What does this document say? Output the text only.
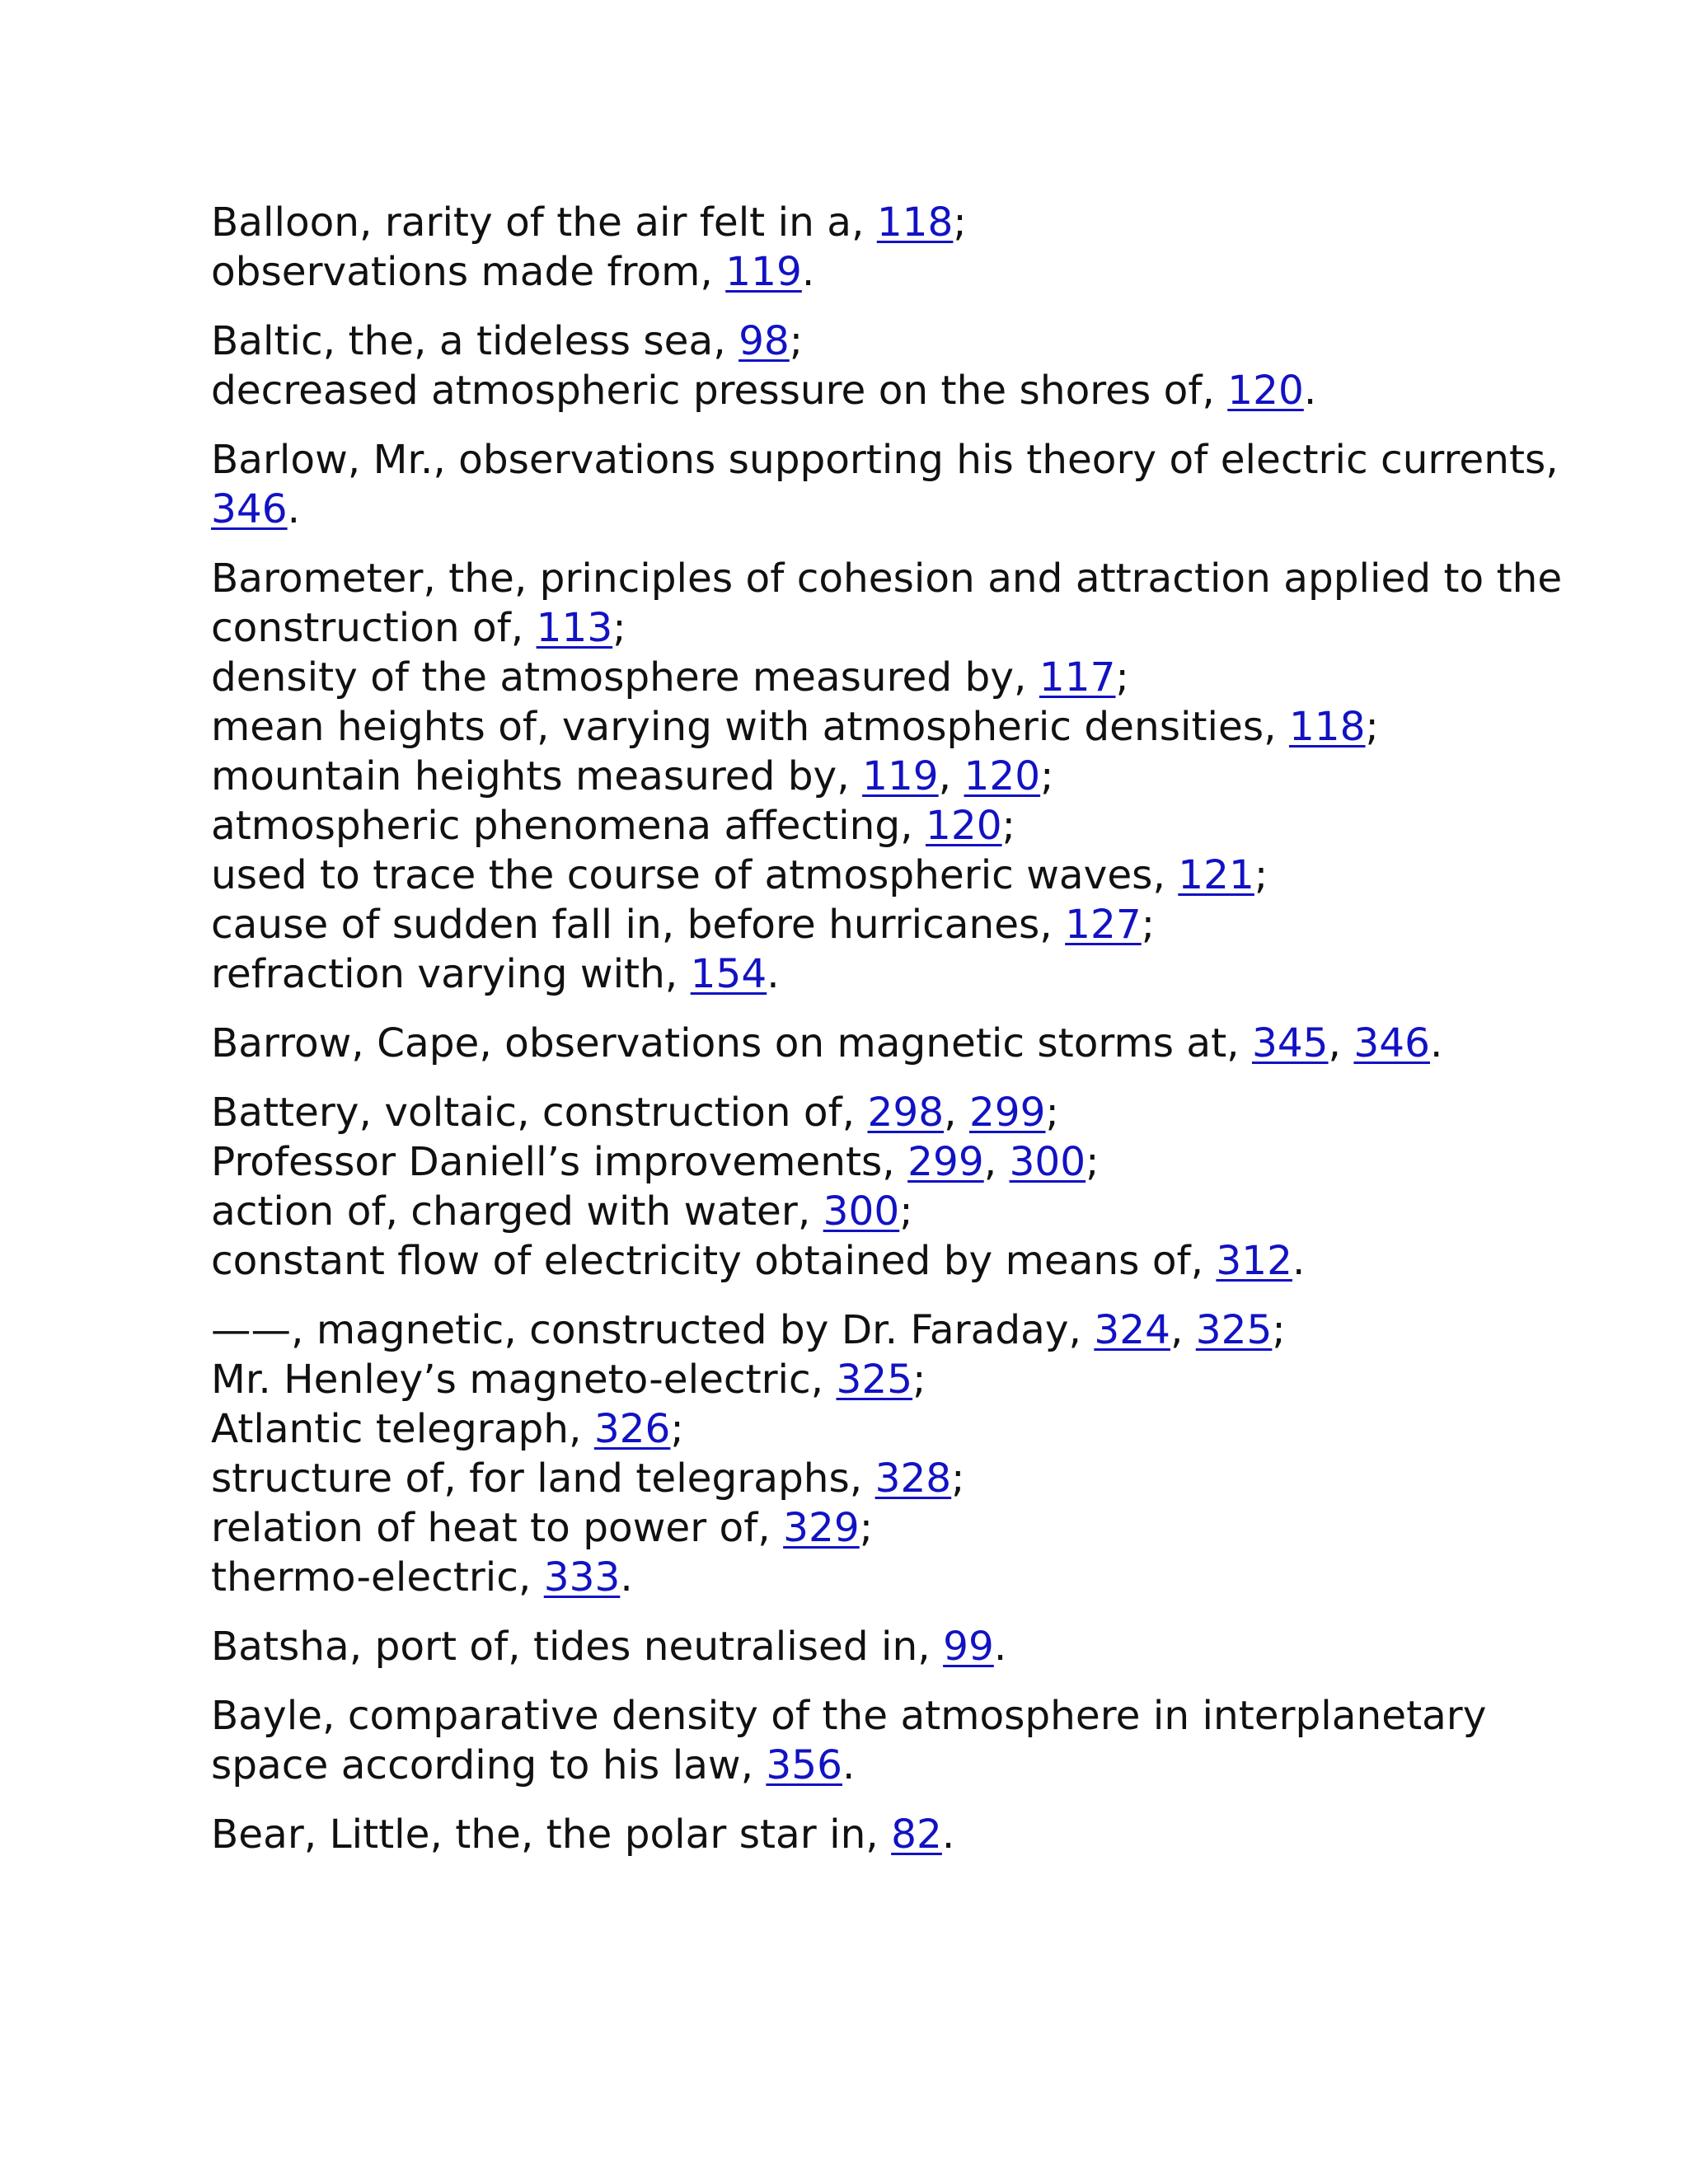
Balloon, rarity of the air felt in a, 118;
observations made from, 119.

Baltic, the, a tideless sea, 98;
decreased atmospheric pressure on the shores of, 120.

Barlow, Mr., observations supporting his theory of electric currents,
346.

Barometer, the, principles of cohesion and attraction applied to the
construction of, 113;
density of the atmosphere measured by, 117;
mean heights of, varying with atmospheric densities, 118;
mountain heights measured by, 119, 120;
atmospheric phenomena affecting, 120;
used to trace the course of atmospheric waves, 121;
cause of sudden fall in, before hurricanes, 127;
refraction varying with, 154.

Barrow, Cape, observations on magnetic storms at, 345, 346.

Battery, voltaic, construction of, 298, 299;
Professor Daniell’s improvements, 299, 300;
action of, charged with water, 300;
constant flow of electricity obtained by means of, 312.

——, magnetic, constructed by Dr. Faraday, 324, 325;
Mr. Henley’s magneto-electric, 325;
Atlantic telegraph, 326;
structure of, for land telegraphs, 328;
relation of heat to power of, 329;
thermo-electric, 333.

Batsha, port of, tides neutralised in, 99.

Bayle, comparative density of the atmosphere in interplanetary
space according to his law, 356.

Bear, Little, the, the polar star in, 82.
